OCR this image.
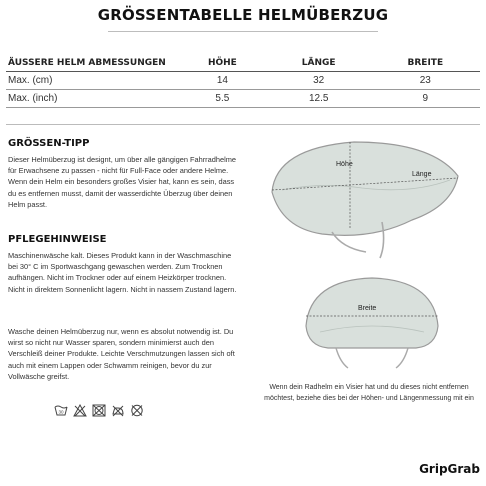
GRÖSSENTABELLE HELMÜBERZUG
ÄUSSERE HELM ABMESSUNGEN	HÖHE	LÄNGE	BREITE
Max. (cm)	14	32	23
Max. (inch)	5.5	12.5	9
GRÖSSEN-TIPP

Dieser Helmüberzug ist designt, um über alle gängigen Fahrradhelme für Erwachsene zu passen - nicht für Full-Face oder andere Helme. Wenn dein Helm ein besonders großes Visier hat, kann es sein, dass du es entfernen musst, damit der wasserdichte Überzug über deinen Helm passt.

PFLEGEHINWEISE

Maschinenwäsche kalt. Dieses Produkt kann in der Waschmaschine bei 30° C im Sportwaschgang gewaschen werden. Zum Trocknen aufhängen. Nicht im Trockner oder auf einem Heizkörper trocknen. Nicht in direktem Sonnenlicht lagern. Nicht in nassem Zustand lagern.

Wasche deinen Helmüberzug nur, wenn es absolut notwendig ist. Du wirst so nicht nur Wasser sparen, sondern minimierst auch den Verschleiß deiner Produkte. Leichte Verschmutzungen lassen sich oft auch mit einem Lappen oder Schwamm reinigen, bevor du zur Vollwäsche greifst.

30
Höhe
Länge
Breite

Wenn dein Radhelm ein Visier hat und du dieses nicht entfernen möchtest, beziehe dies bei der Höhen- und Längenmessung mit ein

GripGrab
